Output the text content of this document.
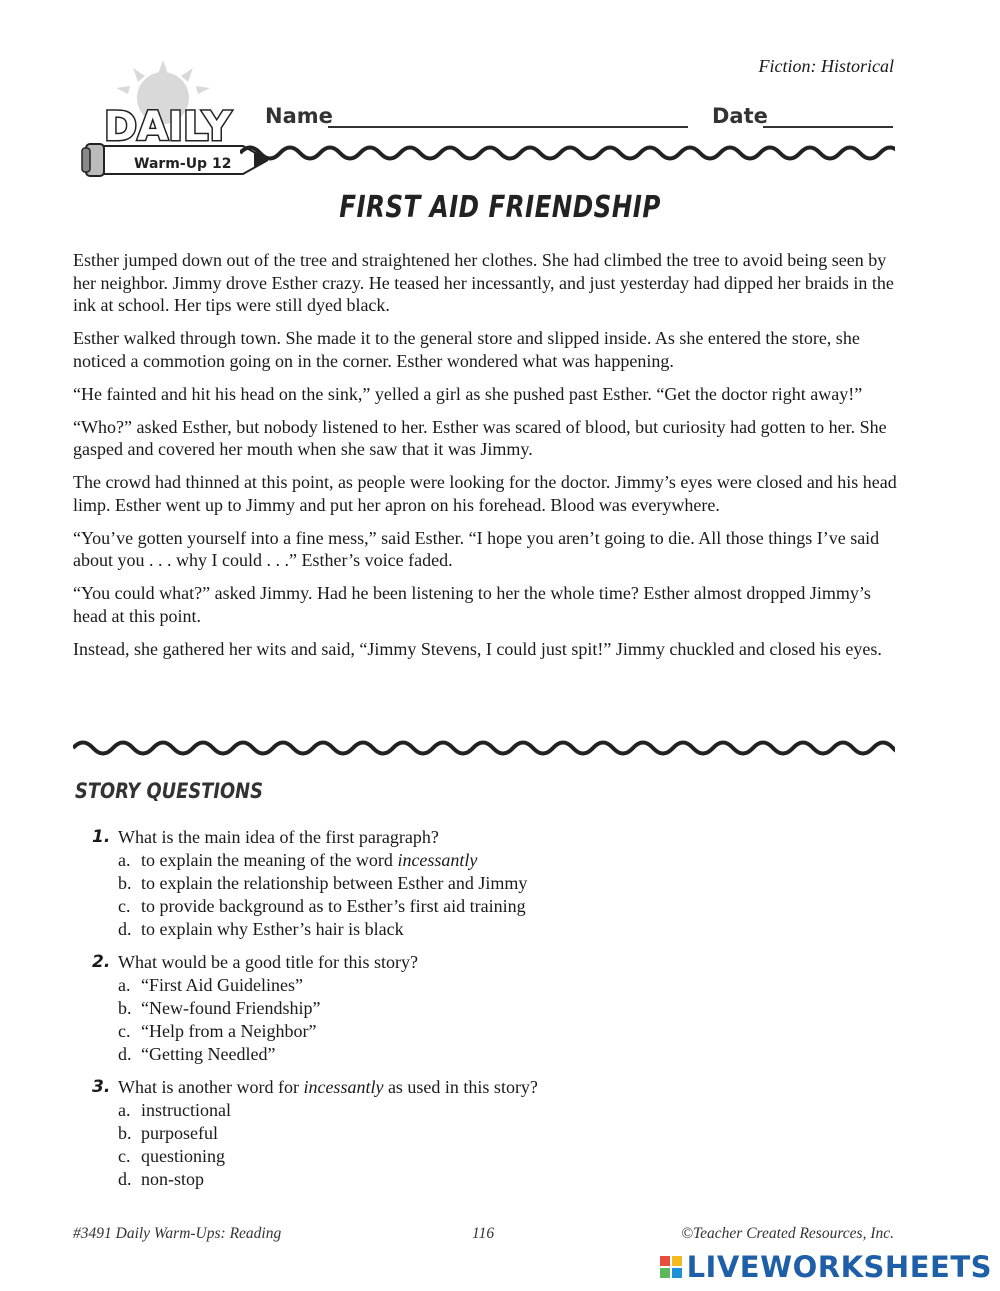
Fiction: Historical
DAILY
Warm-Up 12
Name	Date
FIRST AID FRIENDSHIP

Esther jumped down out of the tree and straightened her clothes. She had climbed the tree to avoid being seen by her neighbor. Jimmy drove Esther crazy. He teased her incessantly, and just yesterday had dipped her braids in the ink at school. Her tips were still dyed black.

Esther walked through town. She made it to the general store and slipped inside. As she entered the store, she noticed a commotion going on in the corner. Esther wondered what was happening.

“He fainted and hit his head on the sink,” yelled a girl as she pushed past Esther. “Get the doctor right away!”

“Who?” asked Esther, but nobody listened to her. Esther was scared of blood, but curiosity had gotten to her. She gasped and covered her mouth when she saw that it was Jimmy.

The crowd had thinned at this point, as people were looking for the doctor. Jimmy’s eyes were closed and his head limp. Esther went up to Jimmy and put her apron on his forehead. Blood was everywhere.

“You’ve gotten yourself into a fine mess,” said Esther. “I hope you aren’t going to die. All those things I’ve said about you . . . why I could . . .” Esther’s voice faded.

“You could what?” asked Jimmy. Had he been listening to her the whole time? Esther almost dropped Jimmy’s head at this point.

Instead, she gathered her wits and said, “Jimmy Stevens, I could just spit!” Jimmy chuckled and closed his eyes.

STORY QUESTIONS
1. What is the main idea of the first paragraph?
a. to explain the meaning of the word incessantly
b. to explain the relationship between Esther and Jimmy
c. to provide background as to Esther’s first aid training
d. to explain why Esther’s hair is black
2. What would be a good title for this story?
a. “First Aid Guidelines”
b. “New-found Friendship”
c. “Help from a Neighbor”
d. “Getting Needled”
3. What is another word for incessantly as used in this story?
a. instructional
b. purposeful
c. questioning
d. non-stop
#3491 Daily Warm-Ups: Reading	116	©Teacher Created Resources, Inc.
LIVEWORKSHEETS
